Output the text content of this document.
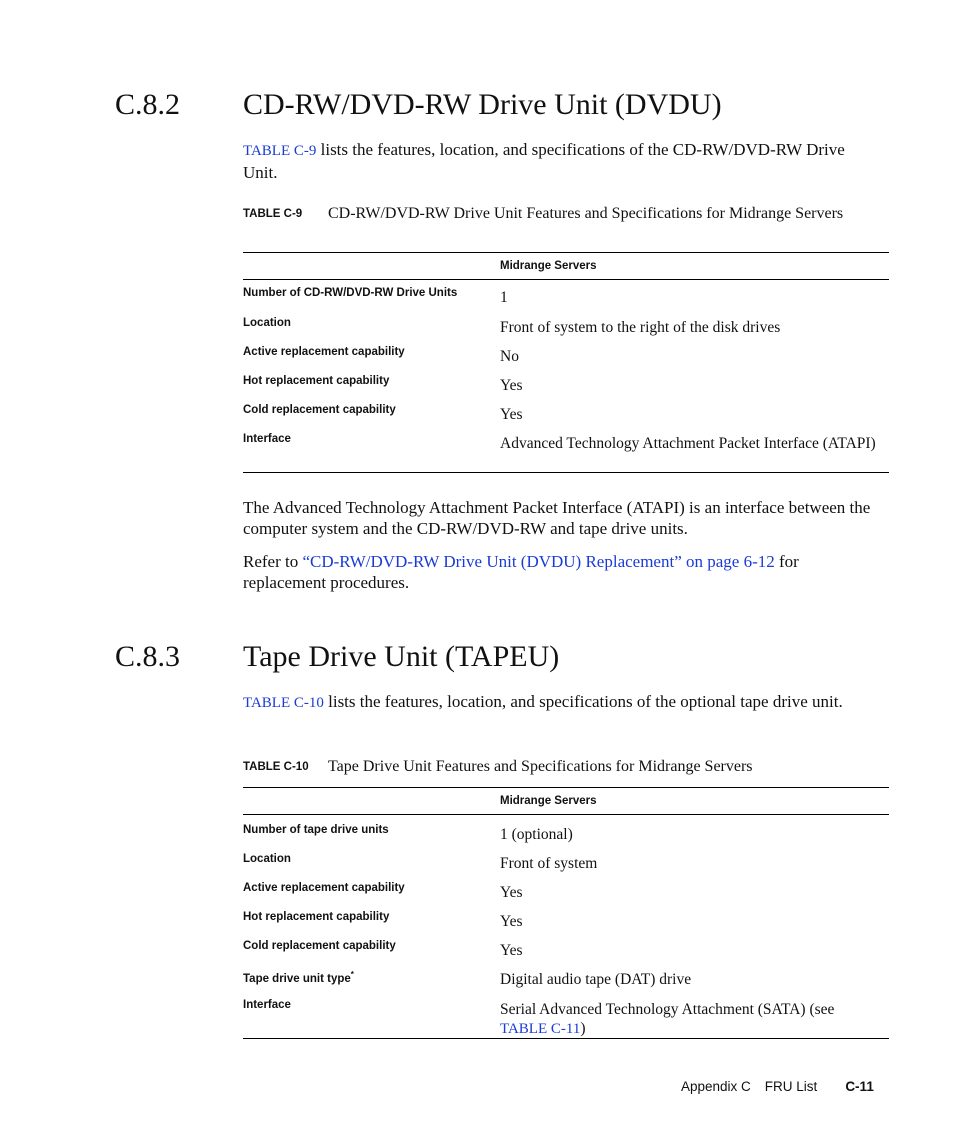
C.8.2 CD-RW/DVD-RW Drive Unit (DVDU)
TABLE C-9 lists the features, location, and specifications of the CD-RW/DVD-RW Drive Unit.
TABLE C-9 CD-RW/DVD-RW Drive Unit Features and Specifications for Midrange Servers
Midrange Servers
Number of CD-RW/DVD-RW Drive Units	1
Location	Front of system to the right of the disk drives
Active replacement capability	No
Hot replacement capability	Yes
Cold replacement capability	Yes
Interface	Advanced Technology Attachment Packet Interface (ATAPI)
The Advanced Technology Attachment Packet Interface (ATAPI) is an interface between the computer system and the CD-RW/DVD-RW and tape drive units.
Refer to “CD-RW/DVD-RW Drive Unit (DVDU) Replacement” on page 6-12 for replacement procedures.
C.8.3 Tape Drive Unit (TAPEU)
TABLE C-10 lists the features, location, and specifications of the optional tape drive unit.
TABLE C-10 Tape Drive Unit Features and Specifications for Midrange Servers
Midrange Servers
Number of tape drive units	1 (optional)
Location	Front of system
Active replacement capability	Yes
Hot replacement capability	Yes
Cold replacement capability	Yes
Tape drive unit type*	Digital audio tape (DAT) drive
Interface	Serial Advanced Technology Attachment (SATA) (see TABLE C-11)
Appendix C FRU List C-11
